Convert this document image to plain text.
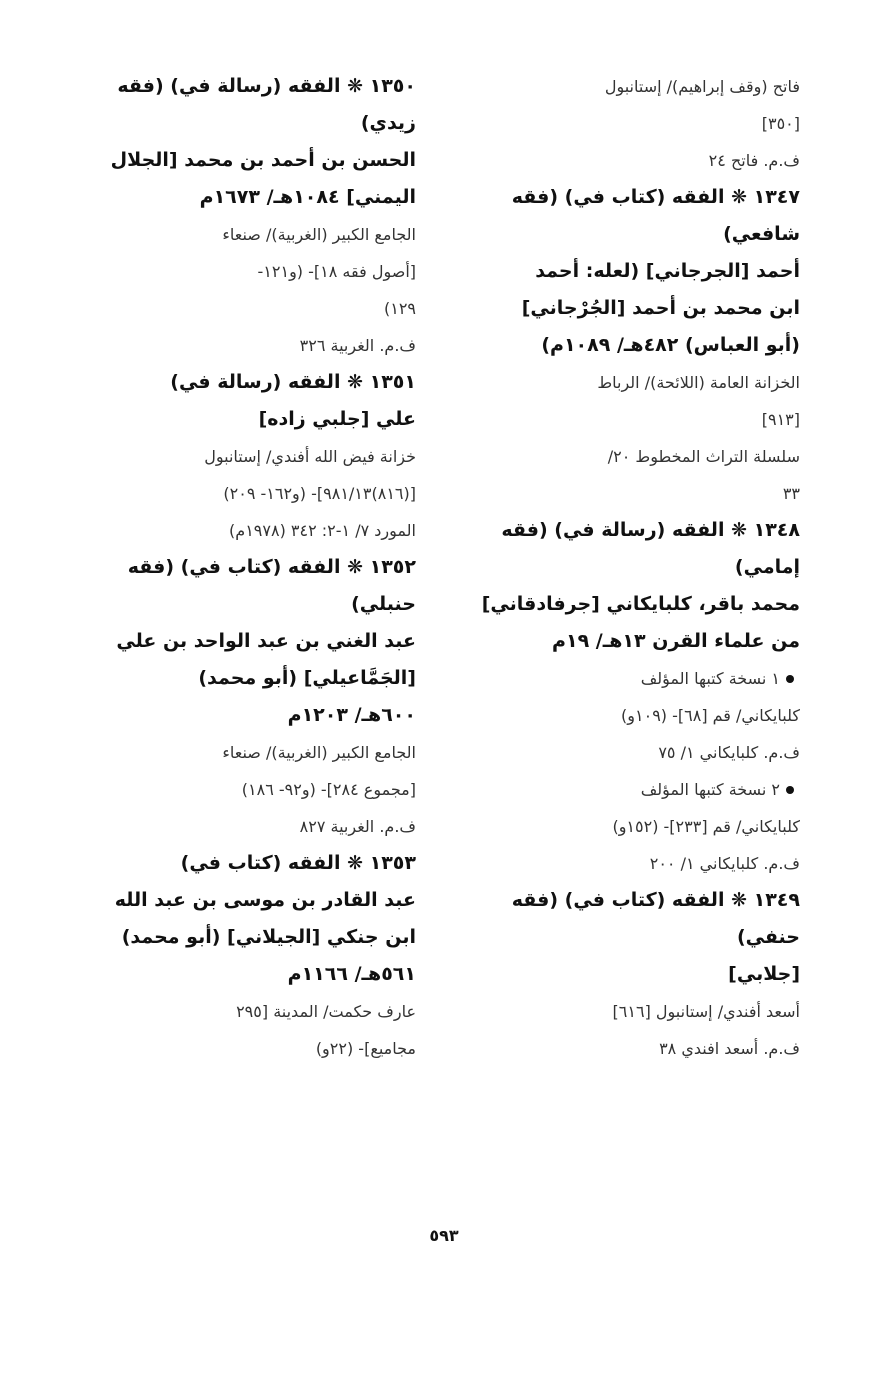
فاتح (وقف إبراهيم)/ إستانبول
[٣٥٠]
ف.م. فاتح ٢٤
١٣٤٧ ❋ الفقه (كتاب في) (فقه
شافعي)
أحمد [الجرجاني] (لعله: أحمد
ابن محمد بن أحمد [الجُرْجاني]
(أبو العباس) ٤٨٢هـ/ ١٠٨٩م)
الخزانة العامة (اللائحة)/ الرباط
[٩١٣]
سلسلة التراث المخطوط ٢٠/
٣٣
١٣٤٨ ❋ الفقه (رسالة في) (فقه
إمامي)
محمد باقر، كلبايكاني [جرفادقاني]
من علماء القرن ١٣هـ/ ١٩م
١ نسخة كتبها المؤلف
كلبايكاني/ قم [٦٨]- (١٠٩و)
ف.م. كلبايكاني ١/ ٧٥
٢ نسخة كتبها المؤلف
كلبايكاني/ قم [٢٣٣]- (١٥٢و)
ف.م. كلبايكاني ١/ ٢٠٠
١٣٤٩ ❋ الفقه (كتاب في) (فقه
حنفي)
[جلابي]
أسعد أفندي/ إستانبول [٦١٦]
ف.م. أسعد افندي ٣٨
١٣٥٠ ❋ الفقه (رسالة في) (فقه
زيدي)
الحسن بن أحمد بن محمد [الجلال
اليمني] ١٠٨٤هـ/ ١٦٧٣م
الجامع الكبير (الغربية)/ صنعاء
[أصول فقه ١٨]- (و١٢١-
١٢٩)
ف.م. الغربية ٣٢٦
١٣٥١ ❋ الفقه (رسالة في)
علي [جلبي زاده]
خزانة فيض الله أفندي/ إستانبول
[(٨١٦)٩٨١/١٣]- (و١٦٢- ٢٠٩)
المورد ٧/ ١-٢: ٣٤٢ (١٩٧٨م)
١٣٥٢ ❋ الفقه (كتاب في) (فقه
حنبلي)
عبد الغني بن عبد الواحد بن علي
[الجَمَّاعيلي] (أبو محمد)
٦٠٠هـ/ ١٢٠٣م
الجامع الكبير (الغربية)/ صنعاء
[مجموع ٢٨٤]- (و٩٢- ١٨٦)
ف.م. الغربية ٨٢٧
١٣٥٣ ❋ الفقه (كتاب في)
عبد القادر بن موسى بن عبد الله
ابن جنكي [الجيلاني] (أبو محمد)
٥٦١هـ/ ١١٦٦م
عارف حكمت/ المدينة [٢٩٥
مجاميع]- (٢٢و)
٥٩٣
